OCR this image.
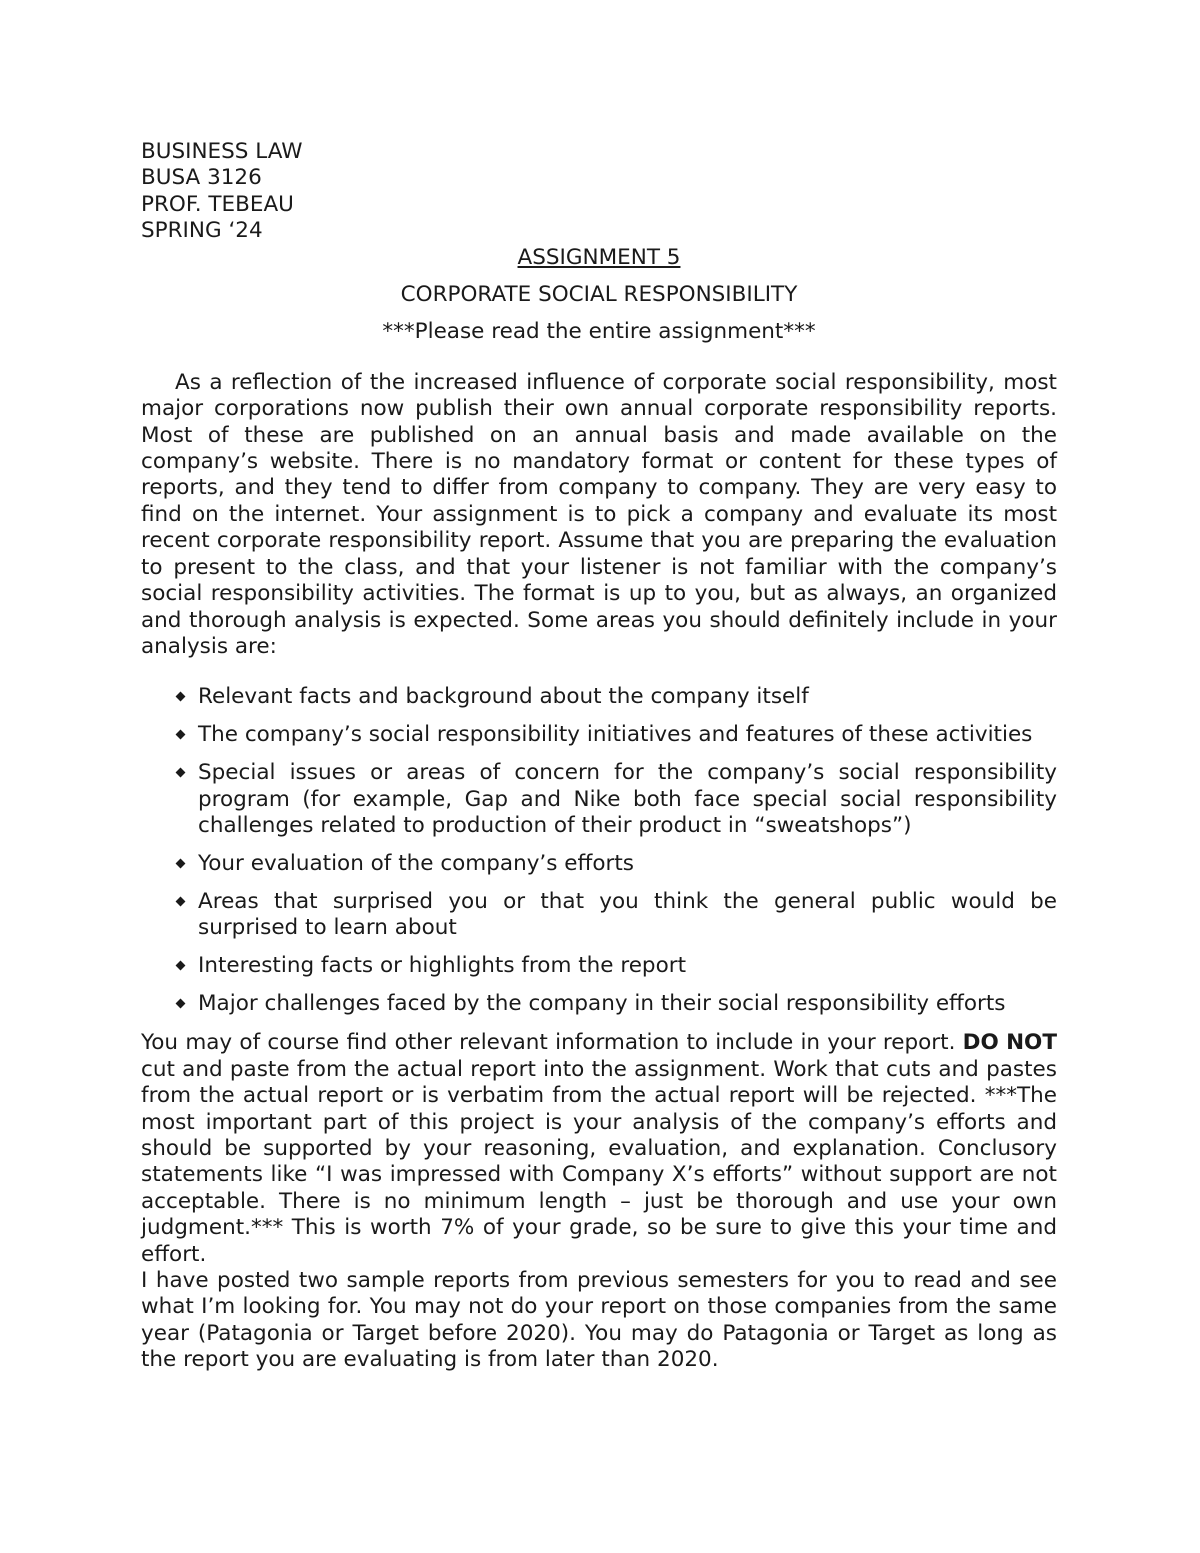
BUSINESS LAW
BUSA 3126
PROF. TEBEAU
SPRING ‘24
ASSIGNMENT 5
CORPORATE SOCIAL RESPONSIBILITY
***Please read the entire assignment***

As a reflection of the increased influence of corporate social responsibility, most major corporations now publish their own annual corporate responsibility reports. Most of these are published on an annual basis and made available on the company’s website. There is no mandatory format or content for these types of reports, and they tend to differ from company to company. They are very easy to find on the internet. Your assignment is to pick a company and evaluate its most recent corporate responsibility report. Assume that you are preparing the evaluation to present to the class, and that your listener is not familiar with the company’s social responsibility activities. The format is up to you, but as always, an organized and thorough analysis is expected. Some areas you should definitely include in your analysis are:

Relevant facts and background about the company itself
The company’s social responsibility initiatives and features of these activities
Special issues or areas of concern for the company’s social responsibility program (for example, Gap and Nike both face special social responsibility challenges related to production of their product in “sweatshops”)
Your evaluation of the company’s efforts
Areas that surprised you or that you think the general public would be surprised to learn about
Interesting facts or highlights from the report
Major challenges faced by the company in their social responsibility efforts

You may of course find other relevant information to include in your report. DO NOT cut and paste from the actual report into the assignment. Work that cuts and pastes from the actual report or is verbatim from the actual report will be rejected. ***The most important part of this project is your analysis of the company’s efforts and should be supported by your reasoning, evaluation, and explanation. Conclusory statements like “I was impressed with Company X’s efforts” without support are not acceptable. There is no minimum length – just be thorough and use your own judgment.*** This is worth 7% of your grade, so be sure to give this your time and effort.

I have posted two sample reports from previous semesters for you to read and see what I’m looking for. You may not do your report on those companies from the same year (Patagonia or Target before 2020). You may do Patagonia or Target as long as the report you are evaluating is from later than 2020.
